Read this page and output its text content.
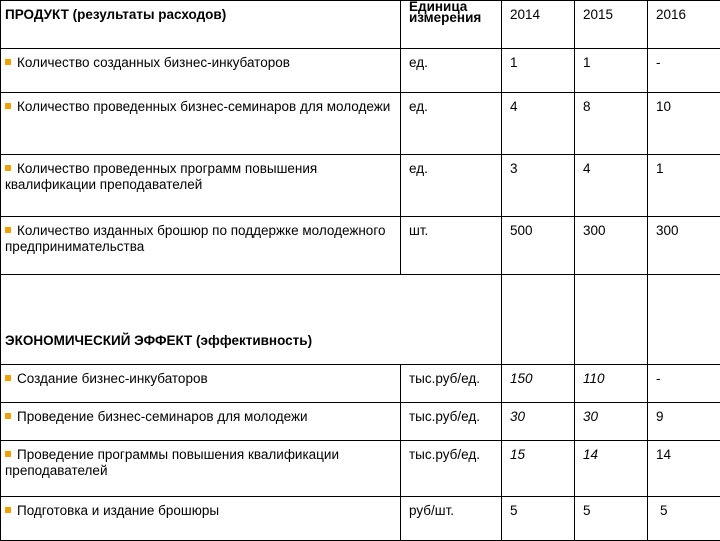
ПРОДУКТ (результаты расходов)	Единица измерения	2014	2015	2016
Количество созданных бизнес-инкубаторов	ед.	1	1	-
Количество проведенных бизнес-семинаров для молодежи	ед.	4	8	10
Количество проведенных программ повышения квалификации преподавателей	ед.	3	4	1
Количество изданных брошюр по поддержке молодежного предпринимательства	шт.	500	300	300
ЭКОНОМИЧЕСКИЙ ЭФФЕКТ (эффективность)				
Создание бизнес-инкубаторов	тыс.руб/ед.	150	110	-
Проведение бизнес-семинаров для молодежи	тыс.руб/ед.	30	30	9
Проведение программы повышения квалификации преподавателей	тыс.руб/ед.	15	14	14
Подготовка и издание брошюры	руб/шт.	5	5	5
